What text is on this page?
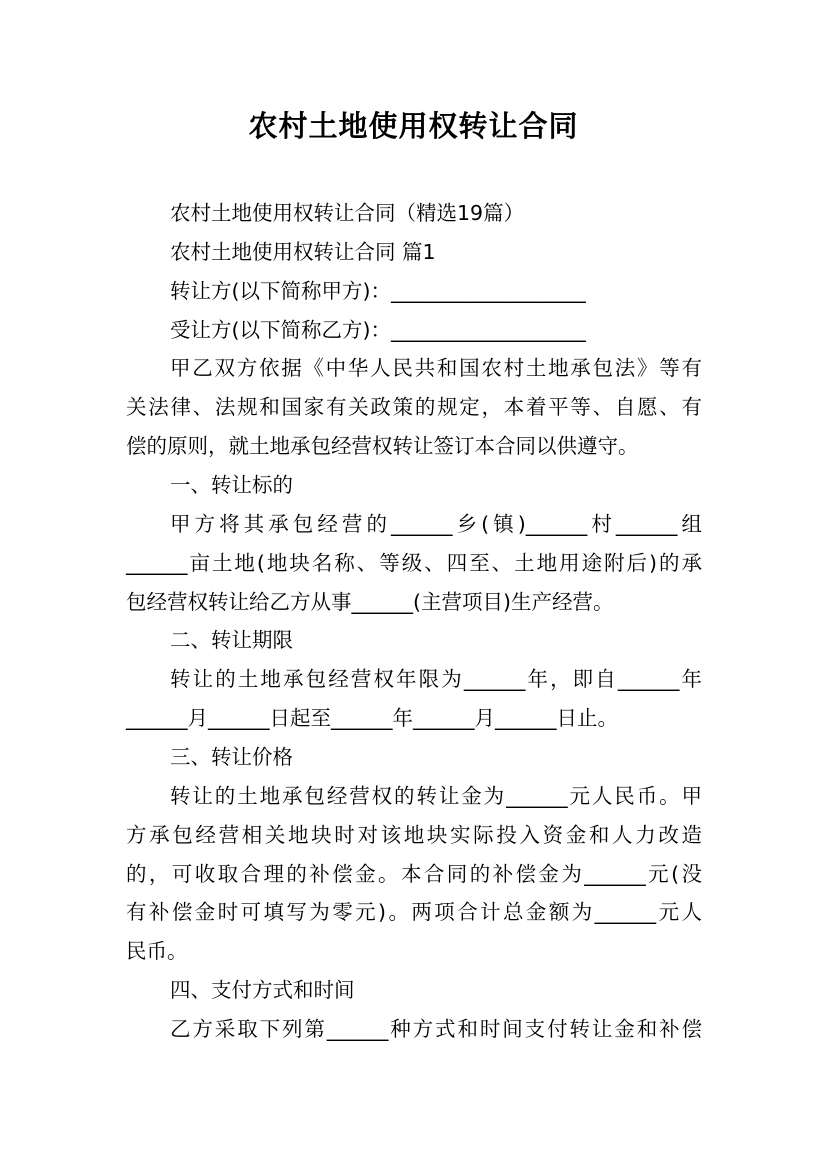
农村土地使用权转让合同
农村土地使用权转让合同（精选19篇）
农村土地使用权转让合同 篇1
转让方(以下简称甲方)：___________________
受让方(以下简称乙方)：___________________
甲乙双方依据《中华人民共和国农村土地承包法》等有
关法律、法规和国家有关政策的规定，本着平等、自愿、有
偿的原则，就土地承包经营权转让签订本合同以供遵守。
一、转让标的
甲方将其承包经营的______乡(镇)______村______组
______亩土地(地块名称、等级、四至、土地用途附后)的承
包经营权转让给乙方从事______(主营项目)生产经营。
二、转让期限
转让的土地承包经营权年限为______年，即自______年
______月______日起至______年______月______日止。
三、转让价格
转让的土地承包经营权的转让金为______元人民币。甲
方承包经营相关地块时对该地块实际投入资金和人力改造
的，可收取合理的补偿金。本合同的补偿金为______元(没
有补偿金时可填写为零元)。两项合计总金额为______元人
民币。
四、支付方式和时间
乙方采取下列第______种方式和时间支付转让金和补偿
